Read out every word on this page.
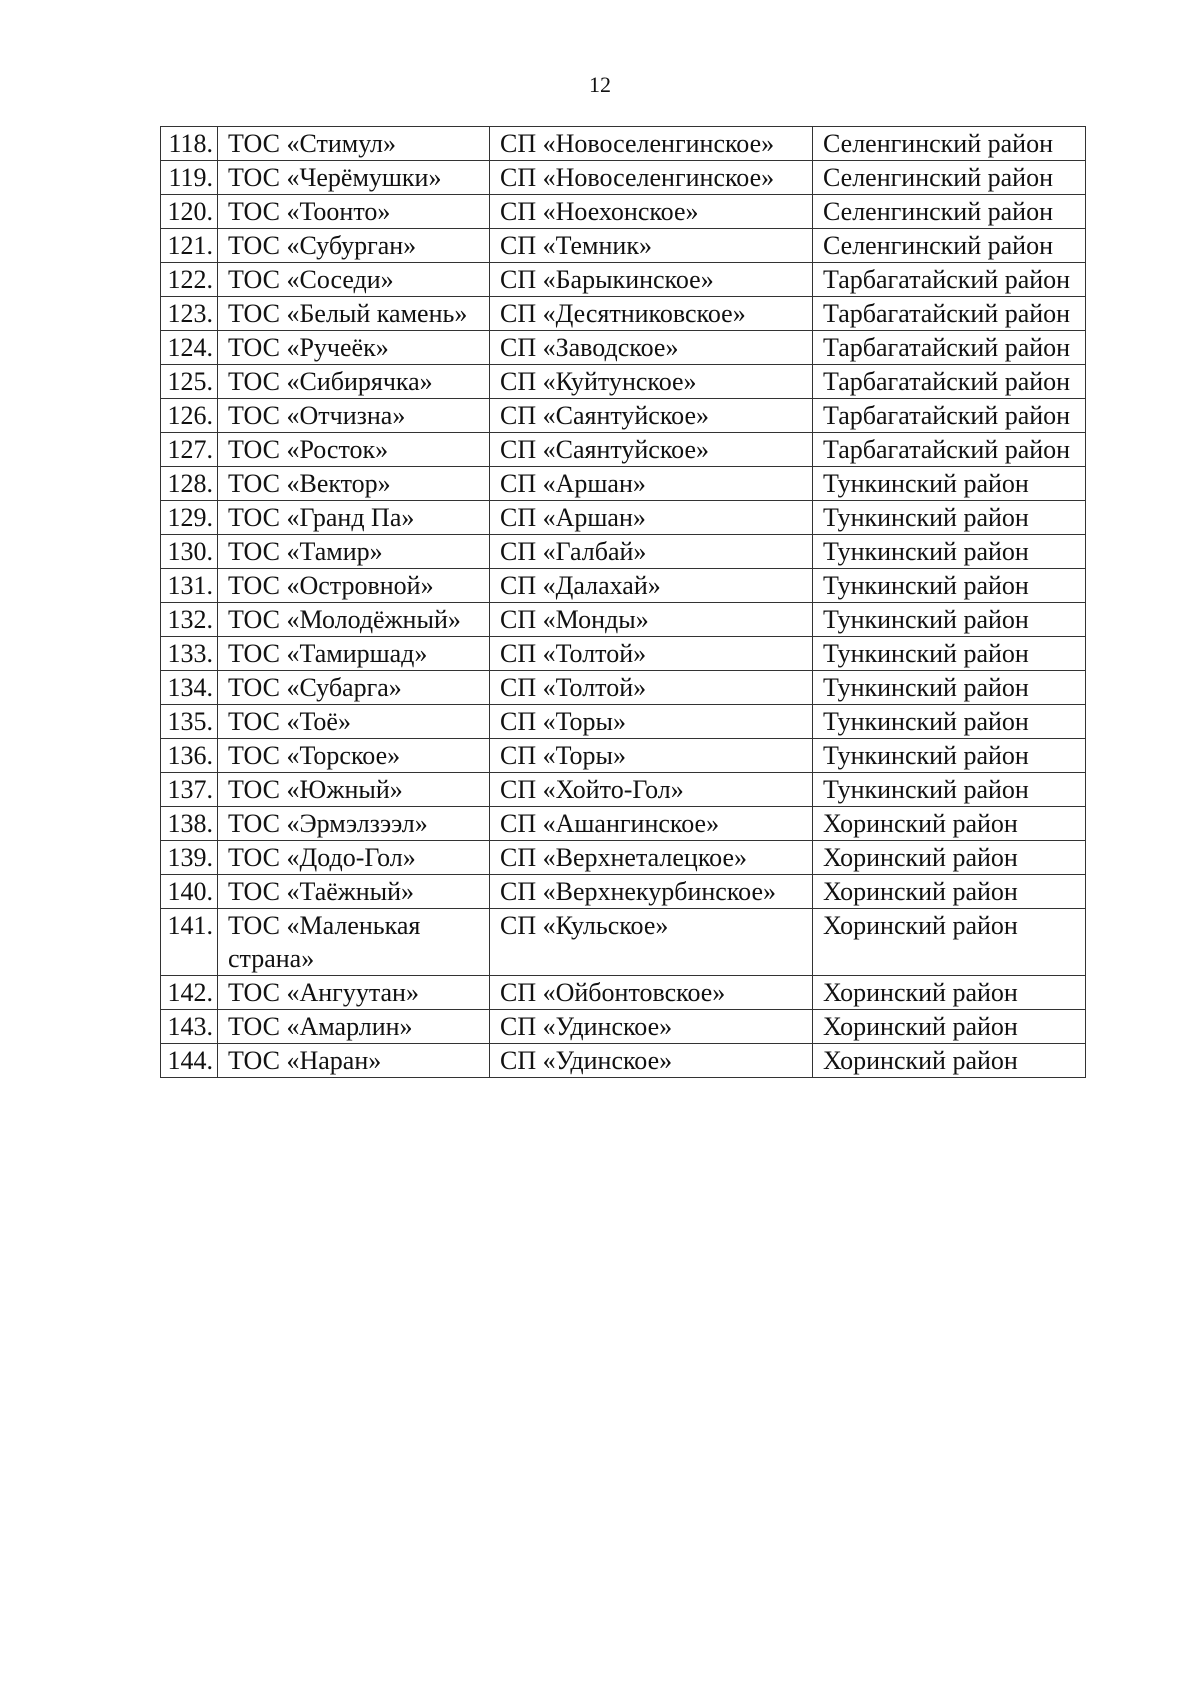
12
118.	ТОС «Стимул»	СП «Новоселенгинское»	Селенгинский район
119.	ТОС «Черёмушки»	СП «Новоселенгинское»	Селенгинский район
120.	ТОС «Тоонто»	СП «Ноехонское»	Селенгинский район
121.	ТОС «Субурган»	СП «Темник»	Селенгинский район
122.	ТОС «Соседи»	СП «Барыкинское»	Тарбагатайский район
123.	ТОС «Белый камень»	СП «Десятниковское»	Тарбагатайский район
124.	ТОС «Ручеёк»	СП «Заводское»	Тарбагатайский район
125.	ТОС «Сибирячка»	СП «Куйтунское»	Тарбагатайский район
126.	ТОС «Отчизна»	СП «Саянтуйское»	Тарбагатайский район
127.	ТОС «Росток»	СП «Саянтуйское»	Тарбагатайский район
128.	ТОС «Вектор»	СП «Аршан»	Тункинский район
129.	ТОС «Гранд Па»	СП «Аршан»	Тункинский район
130.	ТОС «Тамир»	СП «Галбай»	Тункинский район
131.	ТОС «Островной»	СП «Далахай»	Тункинский район
132.	ТОС «Молодёжный»	СП «Монды»	Тункинский район
133.	ТОС «Тамиршад»	СП «Толтой»	Тункинский район
134.	ТОС «Субарга»	СП «Толтой»	Тункинский район
135.	ТОС «Тоё»	СП «Торы»	Тункинский район
136.	ТОС «Торское»	СП «Торы»	Тункинский район
137.	ТОС «Южный»	СП «Хойто-Гол»	Тункинский район
138.	ТОС «Эрмэлзээл»	СП «Ашангинское»	Хоринский район
139.	ТОС «Додо-Гол»	СП «Верхнеталецкое»	Хоринский район
140.	ТОС «Таёжный»	СП «Верхнекурбинское»	Хоринский район
141.	ТОС «Маленькая страна»	СП «Кульское»	Хоринский район
142.	ТОС «Ангуутан»	СП «Ойбонтовское»	Хоринский район
143.	ТОС «Амарлин»	СП «Удинское»	Хоринский район
144.	ТОС «Наран»	СП «Удинское»	Хоринский район
